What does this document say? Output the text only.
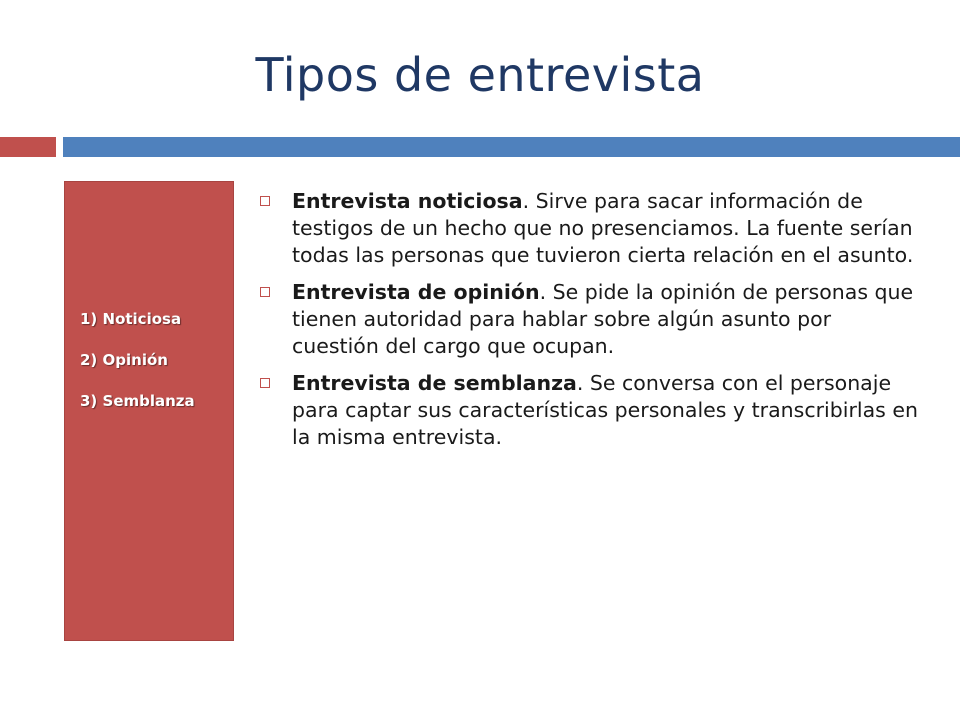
Tipos de entrevista
1) Noticiosa
2) Opinión
3) Semblanza
Entrevista noticiosa. Sirve para sacar información de testigos de un hecho que no presenciamos. La fuente serían todas las personas que tuvieron cierta relación en el asunto.
Entrevista de opinión. Se pide la opinión de personas que tienen autoridad para hablar sobre algún asunto por cuestión del cargo que ocupan.
Entrevista de semblanza. Se conversa con el personaje para captar sus características personales y transcribirlas en la misma entrevista.
